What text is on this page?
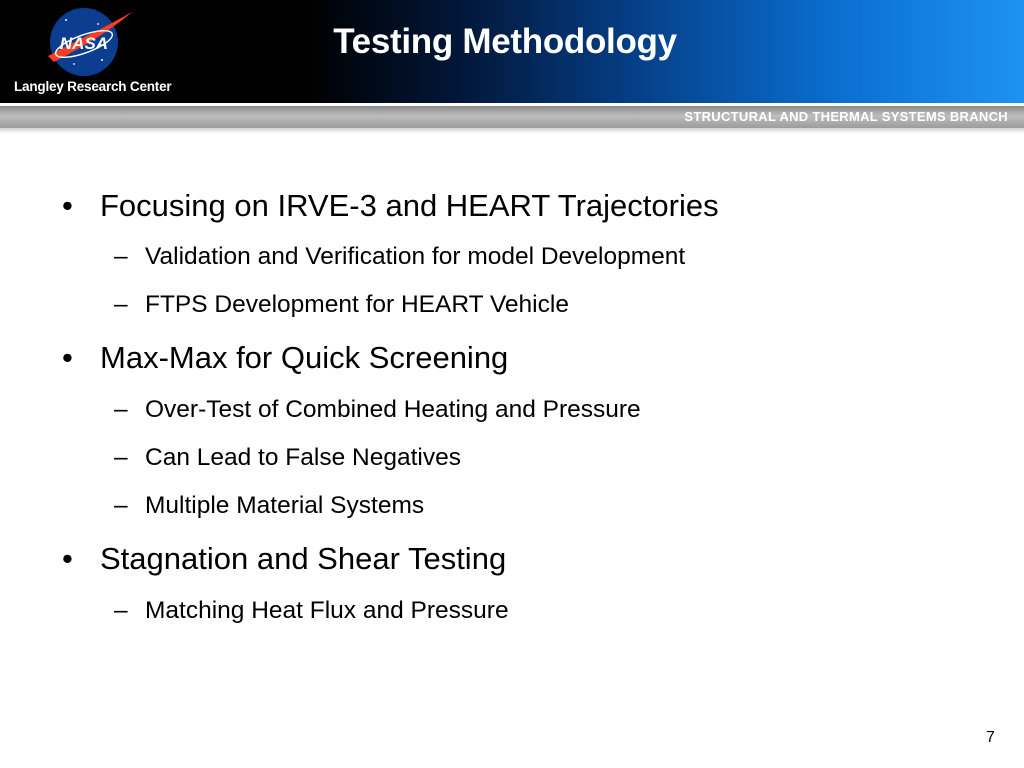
NASA
Langley Research Center
Testing Methodology
STRUCTURAL AND THERMAL SYSTEMS BRANCH
• Focusing on IRVE-3 and HEART Trajectories
– Validation and Verification for model Development
– FTPS Development for HEART Vehicle
• Max-Max for Quick Screening
– Over-Test of Combined Heating and Pressure
– Can Lead to False Negatives
– Multiple Material Systems
• Stagnation and Shear Testing
– Matching Heat Flux and Pressure
7
